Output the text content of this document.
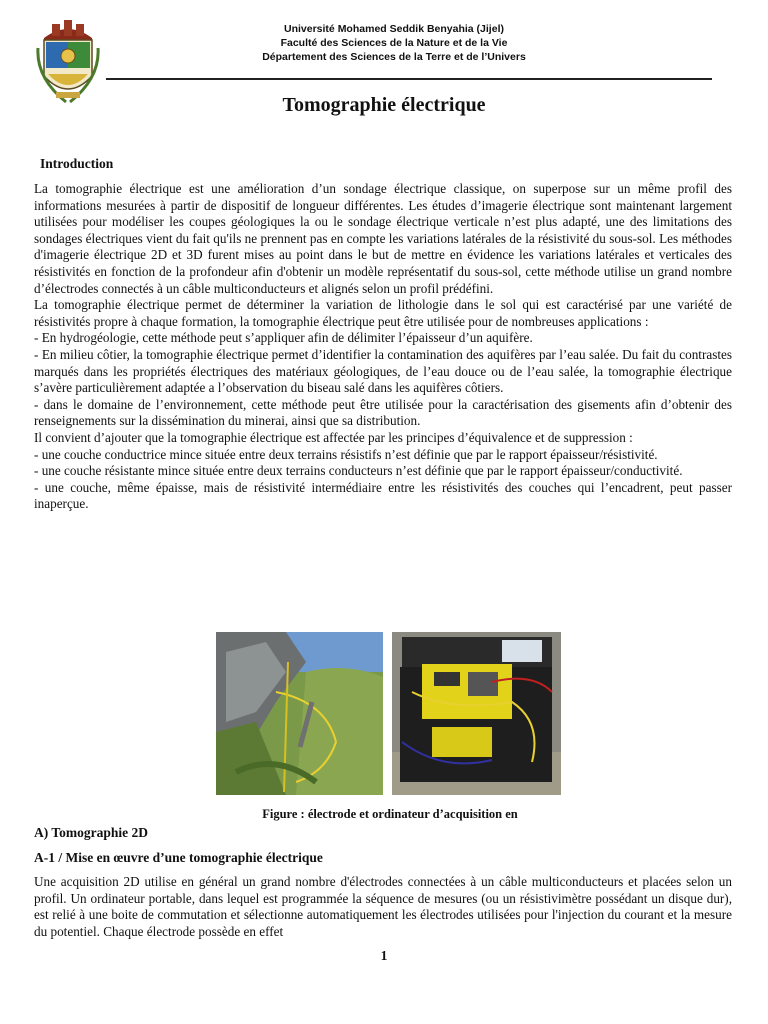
Université Mohamed Seddik Benyahia (Jijel)
Faculté des Sciences de la Nature et de la Vie
Département des Sciences de la Terre et de l’Univers
Tomographie électrique
Introduction

La tomographie électrique est une amélioration d’un sondage électrique classique, on superpose sur un même profil des informations mesurées à partir de dispositif de longueur différentes. Les études d’imagerie électrique sont maintenant largement utilisées pour modéliser les coupes géologiques la ou le sondage électrique verticale n’est plus adapté, une des limitations des sondages électriques vient du fait qu'ils ne prennent pas en compte les variations latérales de la résistivité du sous-sol. Les méthodes d'imagerie électrique 2D et 3D furent mises au point dans le but de mettre en évidence les variations latérales et verticales des résistivités en fonction de la profondeur afin d'obtenir un modèle représentatif du sous-sol, cette méthode utilise un grand nombre d’électrodes connectés à un câble multiconducteurs et alignés selon un profil prédéfini.

La tomographie électrique permet de déterminer la variation de lithologie dans le sol qui est caractérisé par une variété de résistivités propre à chaque formation, la tomographie électrique peut être utilisée pour de nombreuses applications :

- En hydrogéologie, cette méthode peut s’appliquer afin de délimiter l’épaisseur d’un aquifère.

- En milieu côtier, la tomographie électrique permet d’identifier la contamination des aquifères par l’eau salée. Du fait du contrastes marqués dans les propriétés électriques des matériaux géologiques, de l’eau douce ou de l’eau salée, la tomographie électrique s’avère particulièrement adaptée a l’observation du biseau salé dans les aquifères côtiers.

- dans le domaine de l’environnement, cette méthode peut être utilisée pour la caractérisation des gisements afin d’obtenir des renseignements sur la dissémination du minerai, ainsi que sa distribution.

Il convient d’ajouter que la tomographie électrique est affectée par les principes d’équivalence et de suppression :

- une couche conductrice mince située entre deux terrains résistifs n’est définie que par le rapport épaisseur/résistivité.

- une couche résistante mince située entre deux terrains conducteurs n’est définie que par le rapport épaisseur/conductivité.

- une couche, même épaisse, mais de résistivité intermédiaire entre les résistivités des couches qui l’encadrent, peut passer inaperçue.

Figure : électrode et ordinateur d’acquisition en
A) Tomographie 2D
A-1 / Mise en œuvre d’une tomographie électrique

Une acquisition 2D utilise en général un grand nombre d'électrodes connectées à un câble multiconducteurs et placées selon un profil. Un ordinateur portable, dans lequel est programmée la séquence de mesures (ou un résistivimètre possédant un disque dur), est relié à une boite de commutation et sélectionne automatiquement les électrodes utilisées pour l'injection du courant et la mesure du potentiel. Chaque électrode possède en effet

1
